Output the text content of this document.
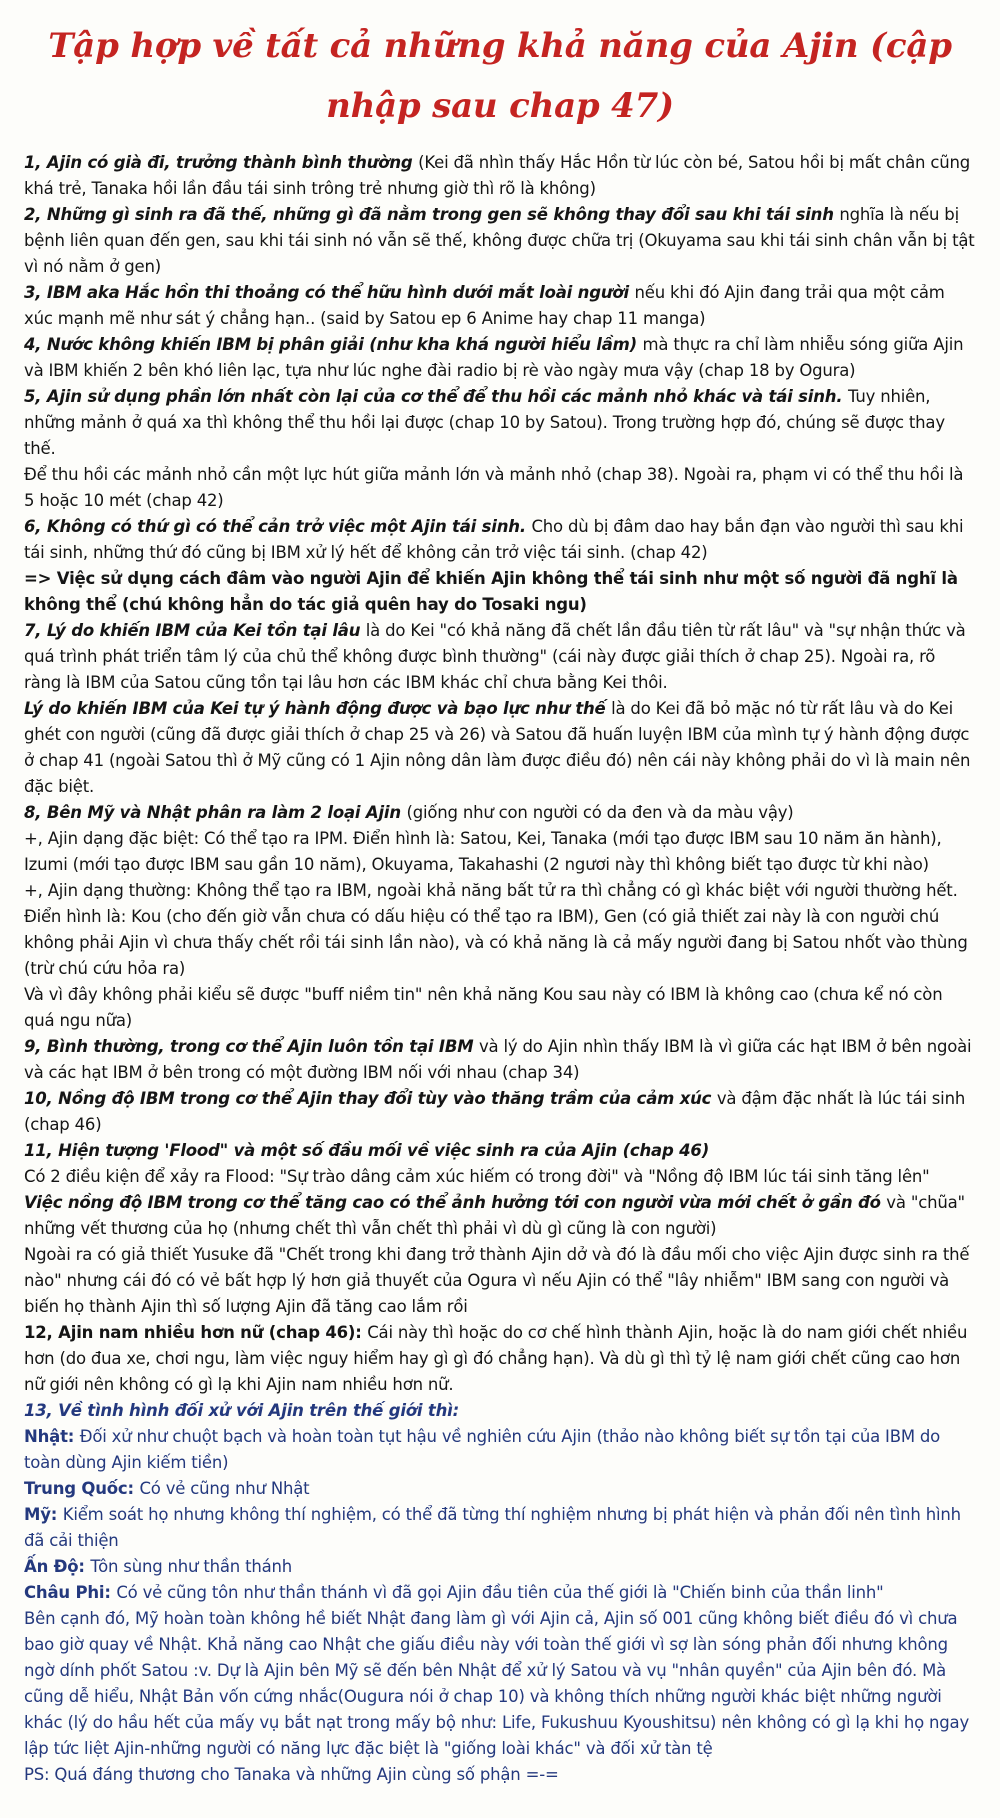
Tập hợp về tất cả những khả năng của Ajin (cập nhập sau chap 47)

1, Ajin có già đi, trưởng thành bình thường (Kei đã nhìn thấy Hắc Hồn từ lúc còn bé, Satou hồi bị mất chân cũng khá trẻ, Tanaka hồi lần đầu tái sinh trông trẻ nhưng giờ thì rõ là không)

2, Những gì sinh ra đã thế, những gì đã nằm trong gen sẽ không thay đổi sau khi tái sinh nghĩa là nếu bị bệnh liên quan đến gen, sau khi tái sinh nó vẫn sẽ thế, không được chữa trị (Okuyama sau khi tái sinh chân vẫn bị tật vì nó nằm ở gen)

3, IBM aka Hắc hồn thi thoảng có thể hữu hình dưới mắt loài người nếu khi đó Ajin đang trải qua một cảm xúc mạnh mẽ như sát ý chẳng hạn.. (said by Satou ep 6 Anime hay chap 11 manga)

4, Nước không khiến IBM bị phân giải (như kha khá người hiểu lầm) mà thực ra chỉ làm nhiễu sóng giữa Ajin và IBM khiến 2 bên khó liên lạc, tựa như lúc nghe đài radio bị rè vào ngày mưa vậy (chap 18 by Ogura)

5, Ajin sử dụng phần lớn nhất còn lại của cơ thể để thu hồi các mảnh nhỏ khác và tái sinh. Tuy nhiên, những mảnh ở quá xa thì không thể thu hồi lại được (chap 10 by Satou). Trong trường hợp đó, chúng sẽ được thay thế.

Để thu hồi các mảnh nhỏ cần một lực hút giữa mảnh lớn và mảnh nhỏ (chap 38). Ngoài ra, phạm vi có thể thu hồi là 5 hoặc 10 mét (chap 42)

6, Không có thứ gì có thể cản trở việc một Ajin tái sinh. Cho dù bị đâm dao hay bắn đạn vào người thì sau khi tái sinh, những thứ đó cũng bị IBM xử lý hết để không cản trở việc tái sinh. (chap 42)

=> Việc sử dụng cách đâm vào người Ajin để khiến Ajin không thể tái sinh như một số người đã nghĩ là không thể (chú không hẳn do tác giả quên hay do Tosaki ngu)

7, Lý do khiến IBM của Kei tồn tại lâu là do Kei "có khả năng đã chết lần đầu tiên từ rất lâu" và "sự nhận thức và quá trình phát triển tâm lý của chủ thể không được bình thường" (cái này được giải thích ở chap 25). Ngoài ra, rõ ràng là IBM của Satou cũng tồn tại lâu hơn các IBM khác chỉ chưa bằng Kei thôi.

Lý do khiến IBM của Kei tự ý hành động được và bạo lực như thế là do Kei đã bỏ mặc nó từ rất lâu và do Kei ghét con người (cũng đã được giải thích ở chap 25 và 26) và Satou đã huấn luyện IBM của mình tự ý hành động được ở chap 41 (ngoài Satou thì ở Mỹ cũng có 1 Ajin nông dân làm được điều đó) nên cái này không phải do vì là main nên đặc biệt.

8, Bên Mỹ và Nhật phân ra làm 2 loại Ajin (giống như con người có da đen và da màu vậy)

+, Ajin dạng đặc biệt: Có thể tạo ra IPM. Điển hình là: Satou, Kei, Tanaka (mới tạo được IBM sau 10 năm ăn hành), Izumi (mới tạo được IBM sau gần 10 năm), Okuyama, Takahashi (2 ngươi này thì không biết tạo được từ khi nào)

+, Ajin dạng thường: Không thể tạo ra IBM, ngoài khả năng bất tử ra thì chẳng có gì khác biệt với người thường hết. Điển hình là: Kou (cho đến giờ vẫn chưa có dấu hiệu có thể tạo ra IBM), Gen (có giả thiết zai này là con người chú không phải Ajin vì chưa thấy chết rồi tái sinh lần nào), và có khả năng là cả mấy người đang bị Satou nhốt vào thùng (trừ chú cứu hỏa ra)

Và vì đây không phải kiểu sẽ được "buff niềm tin" nên khả năng Kou sau này có IBM là không cao (chưa kể nó còn quá ngu nữa)

9, Bình thường, trong cơ thể Ajin luôn tồn tại IBM và lý do Ajin nhìn thấy IBM là vì giữa các hạt IBM ở bên ngoài và các hạt IBM ở bên trong có một đường IBM nối với nhau (chap 34)

10, Nồng độ IBM trong cơ thể Ajin thay đổi tùy vào thăng trầm của cảm xúc và đậm đặc nhất là lúc tái sinh (chap 46)

11, Hiện tượng 'Flood" và một số đầu mối về việc sinh ra của Ajin (chap 46)

Có 2 điều kiện để xảy ra Flood: "Sự trào dâng cảm xúc hiếm có trong đời" và "Nồng độ IBM lúc tái sinh tăng lên"

Việc nồng độ IBM trong cơ thể tăng cao có thể ảnh hưởng tới con người vừa mới chết ở gần đó và "chũa" những vết thương của họ (nhưng chết thì vẫn chết thì phải vì dù gì cũng là con người)

Ngoài ra có giả thiết Yusuke đã "Chết trong khi đang trở thành Ajin dở và đó là đầu mối cho việc Ajin được sinh ra thế nào" nhưng cái đó có vẻ bất hợp lý hơn giả thuyết của Ogura vì nếu Ajin có thể "lây nhiễm" IBM sang con người và biến họ thành Ajin thì số lượng Ajin đã tăng cao lắm rồi

12, Ajin nam nhiều hơn nữ (chap 46): Cái này thì hoặc do cơ chế hình thành Ajin, hoặc là do nam giới chết nhiều hơn (do đua xe, chơi ngu, làm việc nguy hiểm hay gì gì đó chẳng hạn). Và dù gì thì tỷ lệ nam giới chết cũng cao hơn nữ giới nên không có gì lạ khi Ajin nam nhiều hơn nữ.

13, Về tình hình đối xử với Ajin trên thế giới thì:

Nhật: Đối xử như chuột bạch và hoàn toàn tụt hậu về nghiên cứu Ajin (thảo nào không biết sự tồn tại của IBM do toàn dùng Ajin kiếm tiền)

Trung Quốc: Có vẻ cũng như Nhật

Mỹ: Kiểm soát họ nhưng không thí nghiệm, có thể đã từng thí nghiệm nhưng bị phát hiện và phản đối nên tình hình đã cải thiện

Ấn Độ: Tôn sùng như thần thánh

Châu Phi: Có vẻ cũng tôn như thần thánh vì đã gọi Ajin đầu tiên của thế giới là "Chiến binh của thần linh"

Bên cạnh đó, Mỹ hoàn toàn không hề biết Nhật đang làm gì với Ajin cả, Ajin số 001 cũng không biết điều đó vì chưa bao giờ quay về Nhật. Khả năng cao Nhật che giấu điều này với toàn thế giới vì sợ làn sóng phản đối nhưng không ngờ dính phốt Satou :v. Dự là Ajin bên Mỹ sẽ đến bên Nhật để xử lý Satou và vụ "nhân quyền" của Ajin bên đó. Mà cũng dễ hiểu, Nhật Bản vốn cứng nhắc(Ougura nói ở chap 10) và không thích những người khác biệt những người khác (lý do hầu hết của mấy vụ bắt nạt trong mấy bộ như: Life, Fukushuu Kyoushitsu) nên không có gì lạ khi họ ngay lập tức liệt Ajin-những người có năng lực đặc biệt là "giống loài khác" và đối xử tàn tệ

PS: Quá đáng thương cho Tanaka và những Ajin cùng số phận =-=
